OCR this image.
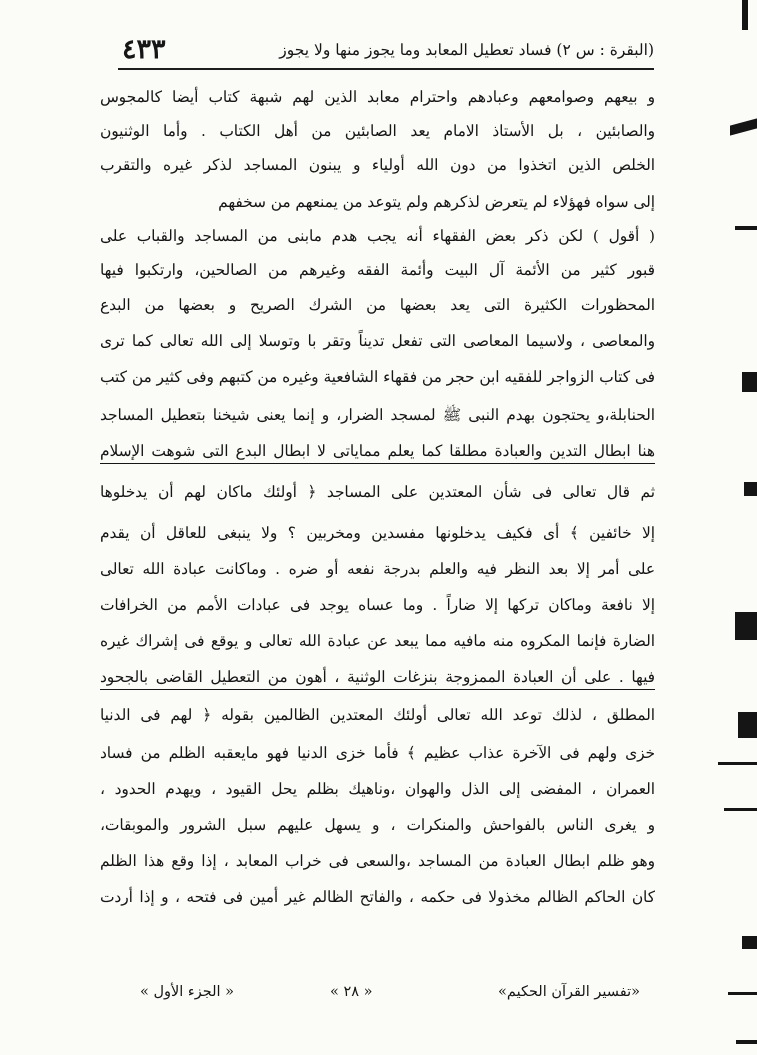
٤٣٣	(البقرة : س ٢) فساد تعطيل المعابد وما يجوز منها ولا يجوز
و بيعهم وصوامعهم وعبادهم واحترام معابد الذين لهم شبهة كتاب أيضا كالمجوس
والصابئين ، بل الأستاذ الامام يعد الصابئين من أهل الكتاب . وأما الوثنيون
الخلص الذين اتخذوا من دون الله أولياء و يبنون المساجد لذكر غيره والتقرب
إلى سواه فهؤلاء لم يتعرض لذكرهم ولم يتوعد من يمنعهم من سخفهم
( أقول ) لكن ذكر بعض الفقهاء أنه يجب هدم مابنى من المساجد والقباب على
قبور كثير من الأئمة آل البيت وأئمة الفقه وغيرهم من الصالحين، وارتكبوا فيها
المحظورات الكثيرة التى يعد بعضها من الشرك الصريح و بعضها من البدع
والمعاصى ، ولاسيما المعاصى التى تفعل تديناً وتقر با وتوسلا إلى الله تعالى كما ترى
فى كتاب الزواجر للفقيه ابن حجر من فقهاء الشافعية وغيره من كتبهم وفى كثير من كتب
الحنابلة،و يحتجون بهدم النبى ﷺ لمسجد الضرار، و إنما يعنى شيخنا بتعطيل المساجد
هنا ابطال التدين والعبادة مطلقا كما يعلم مماياتى لا ابطال البدع التى شوهت الإسلام
ثم قال تعالى فى شأن المعتدين على المساجد ﴿ أولئك ماكان لهم أن يدخلوها
إلا خائفين ﴾ أى فكيف يدخلونها مفسدين ومخربين ؟ ولا ينبغى للعاقل أن يقدم
على أمر إلا بعد النظر فيه والعلم بدرجة نفعه أو ضره . وماكانت عبادة الله تعالى
إلا نافعة وماكان تركها إلا ضاراً . وما عساه يوجد فى عبادات الأمم من الخرافات
الضارة فإنما المكروه منه مافيه مما يبعد عن عبادة الله تعالى و يوقع فى إشراك غيره
فيها . على أن العبادة الممزوجة بنزغات الوثنية ، أهون من التعطيل القاضى بالجحود
المطلق ، لذلك توعد الله تعالى أولئك المعتدين الظالمين بقوله ﴿ لهم فى الدنيا
خزى ولهم فى الآخرة عذاب عظيم ﴾ فأما خزى الدنيا فهو مايعقبه الظلم من فساد
العمران ، المفضى إلى الذل والهوان ،وناهيك بظلم يحل القيود ، ويهدم الحدود ،
و يغرى الناس بالفواحش والمنكرات ، و يسهل عليهم سبل الشرور والموبقات،
وهو ظلم ابطال العبادة من المساجد ،والسعى فى خراب المعابد ، إذا وقع هذا الظلم
كان الحاكم الظالم مخذولا فى حكمه ، والفاتح الظالم غير أمين فى فتحه ، و إذا أردت
«تفسير القرآن الحكيم»
« ٢٨ »
« الجزء الأول »
